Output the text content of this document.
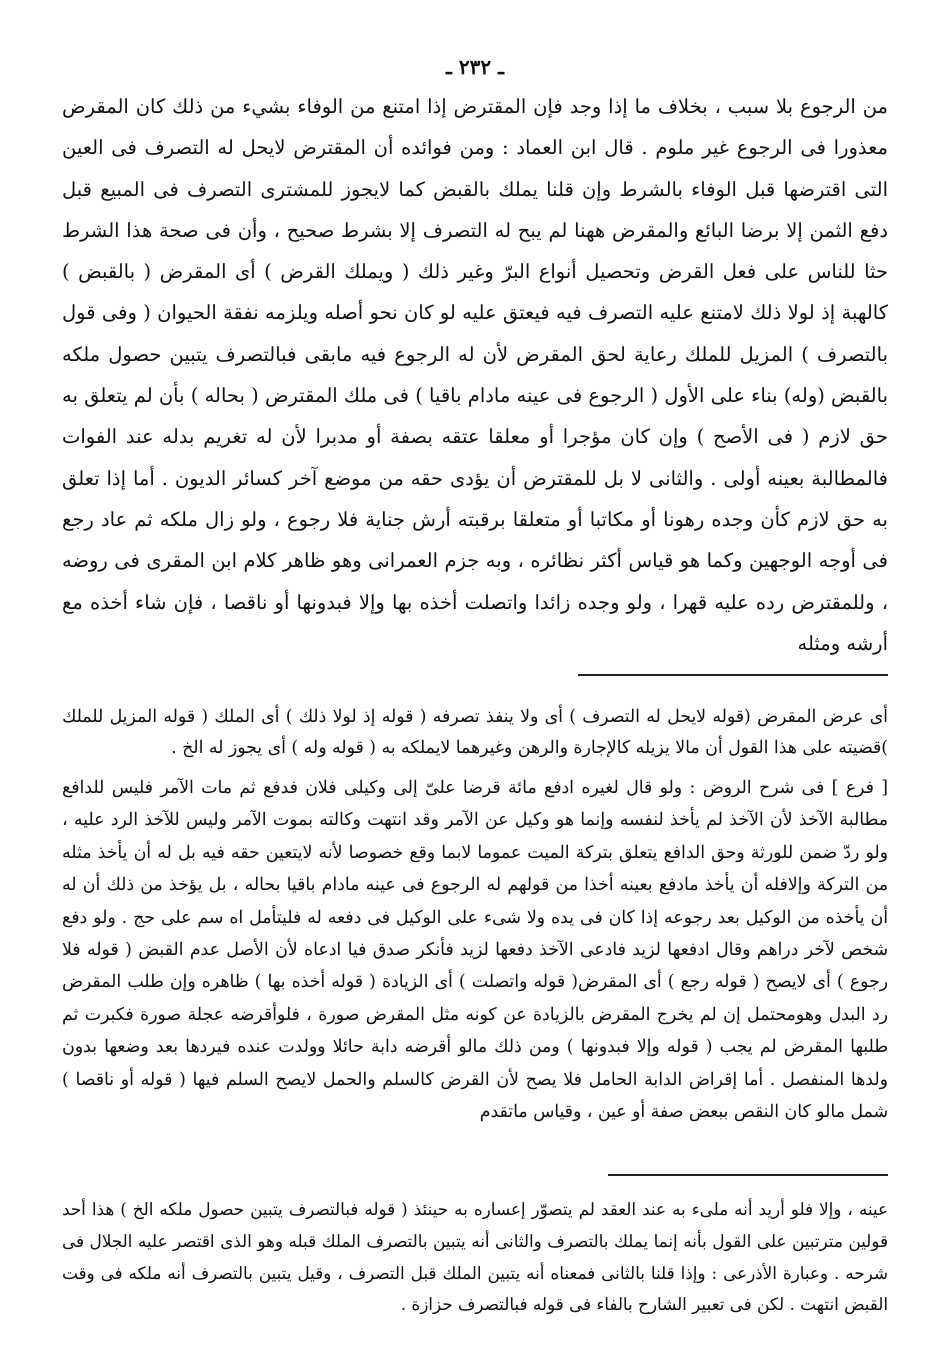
ـ ٢٣٢ ـ

من الرجوع بلا سبب ، بخلاف ما إذا وجد فإن المقترض إذا امتنع من الوفاء بشيء من ذلك كان المقرض معذورا فى الرجوع غير ملوم . قال ابن العماد : ومن فوائده أن المقترض لايحل له التصرف فى العين التى اقترضها قبل الوفاء بالشرط وإن قلنا يملك بالقبض كما لايجوز للمشترى التصرف فى المبيع قبل دفع الثمن إلا برضا البائع والمقرض ههنا لم يبح له التصرف إلا بشرط صحيح ، وأن فى صحة هذا الشرط حثا للناس على فعل القرض وتحصيل أنواع البرّ وغير ذلك ( ويملك القرض ) أى المقرض ( بالقبض ) كالهبة إذ لولا ذلك لامتنع عليه التصرف فيه فيعتق عليه لو كان نحو أصله ويلزمه نفقة الحيوان ( وفى قول بالتصرف ) المزيل للملك رعاية لحق المقرض لأن له الرجوع فيه مابقى فبالتصرف يتبين حصول ملكه بالقبض (وله) بناء على الأول ( الرجوع فى عينه مادام باقيا ) فى ملك المقترض ( بحاله ) بأن لم يتعلق به حق لازم ( فى الأصح ) وإن كان مؤجرا أو معلقا عتقه بصفة أو مدبرا لأن له تغريم بدله عند الفوات فالمطالبة بعينه أولى . والثانى لا بل للمقترض أن يؤدى حقه من موضع آخر كسائر الديون . أما إذا تعلق به حق لازم كأن وجده رهونا أو مكاتبا أو متعلقا برقبته أرش جناية فلا رجوع ، ولو زال ملكه ثم عاد رجع فى أوجه الوجهين وكما هو قياس أكثر نظائره ، وبه جزم العمرانى وهو ظاهر كلام ابن المقرى فى روضه ، وللمقترض رده عليه قهرا ، ولو وجده زائدا واتصلت أخذه بها وإلا فبدونها أو ناقصا ، فإن شاء أخذه مع أرشه ومثله

أى عرض المقرض (قوله لايحل له التصرف ) أى ولا ينفذ تصرفه ( قوله إذ لولا ذلك ) أى الملك ( قوله المزيل للملك )قضيته على هذا القول أن مالا يزيله كالإجارة والرهن وغيرهما لايملكه به ( قوله وله ) أى يجوز له الخ .

[ فرع ] فى شرح الروض : ولو قال لغيره ادفع مائة قرضا علىّ إلى وكيلى فلان فدفع ثم مات الآمر فليس للدافع مطالبة الآخذ لأن الآخذ لم يأخذ لنفسه وإنما هو وكيل عن الآمر وقد انتهت وكالته بموت الآمر وليس للآخذ الرد عليه ، ولو ردّ ضمن للورثة وحق الدافع يتعلق بتركة الميت عموما لابما وقع خصوصا لأنه لايتعين حقه فيه بل له أن يأخذ مثله من التركة وإلافله أن يأخذ مادفع بعينه أخذا من قولهم له الرجوع فى عينه مادام باقيا بحاله ، بل يؤخذ من ذلك أن له أن يأخذه من الوكيل بعد رجوعه إذا كان فى يده ولا شىء على الوكيل فى دفعه له فليتأمل اه سم على حج . ولو دفع شخص لآخر دراهم وقال ادفعها لزيد فادعى الآخذ دفعها لزيد فأنكر صدق فيا ادعاه لأن الأصل عدم القبض ( قوله فلا رجوع ) أى لايصح ( قوله رجع ) أى المقرض( قوله واتصلت ) أى الزيادة ( قوله أخذه بها ) ظاهره وإن طلب المقرض رد البدل وهومحتمل إن لم يخرج المقرض بالزيادة عن كونه مثل المقرض صورة ، فلوأقرضه عجلة صورة فكبرت ثم طلبها المقرض لم يجب ( قوله وإلا فبدونها ) ومن ذلك مالو أقرضه دابة حائلا وولدت عنده فيردها بعد وضعها بدون ولدها المنفصل . أما إقراض الدابة الحامل فلا يصح لأن القرض كالسلم والحمل لايصح السلم فيها ( قوله أو ناقصا ) شمل مالو كان النقص ببعض صفة أو عين ، وقياس ماتقدم

عينه ، وإلا فلو أريد أنه ملىء به عند العقد لم يتصوّر إعساره به حينئذ ( قوله فبالتصرف يتبين حصول ملكه الخ ) هذا أحد قولين مترتبين على القول بأنه إنما يملك بالتصرف والثانى أنه يتبين بالتصرف الملك قبله وهو الذى اقتصر عليه الجلال فى شرحه . وعبارة الأذرعى : وإذا قلنا بالثانى فمعناه أنه يتبين الملك قبل التصرف ، وقيل يتبين بالتصرف أنه ملكه فى وقت القبض انتهت . لكن فى تعبير الشارح بالفاء فى قوله فبالتصرف حزازة .
